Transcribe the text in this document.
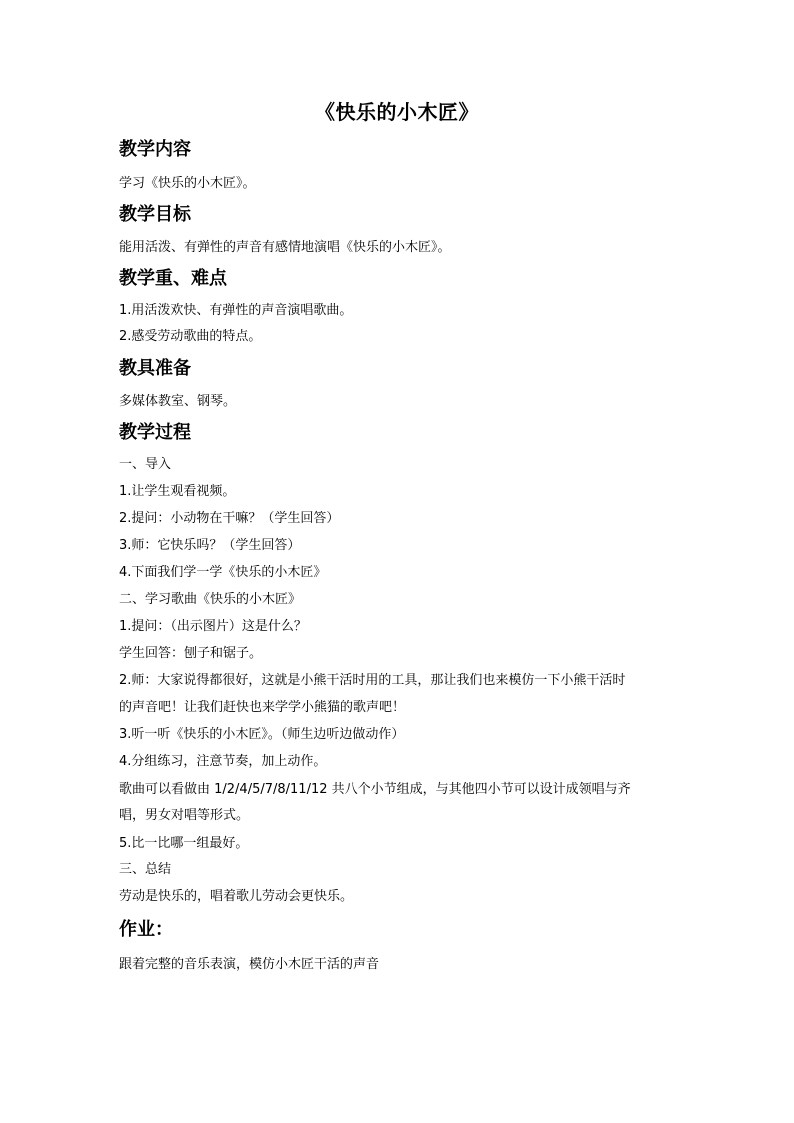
《快乐的小木匠》
教学内容
学习《快乐的小木匠》。
教学目标
能用活泼、有弹性的声音有感情地演唱《快乐的小木匠》。
教学重、难点
1.用活泼欢快、有弹性的声音演唱歌曲。
2.感受劳动歌曲的特点。
教具准备
多媒体教室、钢琴。
教学过程
一、导入
1.让学生观看视频。
2.提问：小动物在干嘛？（学生回答）
3.师：它快乐吗？（学生回答）
4.下面我们学一学《快乐的小木匠》
二、学习歌曲《快乐的小木匠》
1.提问：（出示图片）这是什么？
学生回答：刨子和锯子。
2.师：大家说得都很好，这就是小熊干活时用的工具，那让我们也来模仿一下小熊干活时
的声音吧！让我们赶快也来学学小熊猫的歌声吧！
3.听一听《快乐的小木匠》。（师生边听边做动作）
4.分组练习，注意节奏，加上动作。
歌曲可以看做由 1/2/4/5/7/8/11/12 共八个小节组成，与其他四小节可以设计成领唱与齐
唱，男女对唱等形式。
5.比一比哪一组最好。
三、总结
劳动是快乐的，唱着歌儿劳动会更快乐。
作业：
跟着完整的音乐表演，模仿小木匠干活的声音
